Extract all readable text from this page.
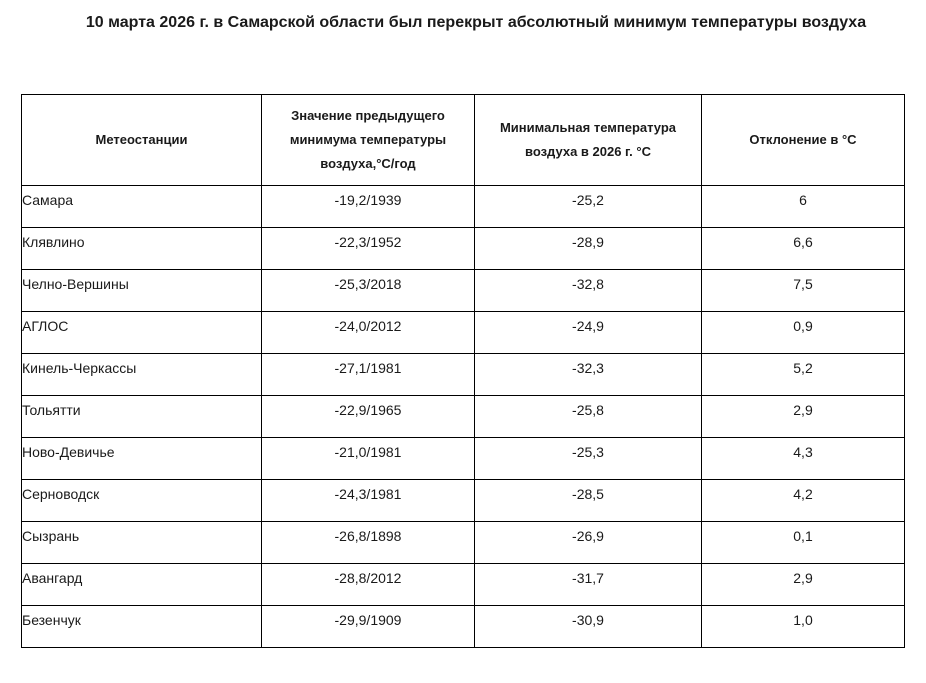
10 марта 2026 г. в Самарской области был перекрыт абсолютный минимум температуры воздуха
Метеостанции	Значение предыдущего минимума температуры воздуха,°С/год	Минимальная температура воздуха в 2026 г. °С	Отклонение в °С
Самара	-19,2/1939	-25,2	6
Клявлино	-22,3/1952	-28,9	6,6
Челно-Вершины	-25,3/2018	-32,8	7,5
АГЛОС	-24,0/2012	-24,9	0,9
Кинель-Черкассы	-27,1/1981	-32,3	5,2
Тольятти	-22,9/1965	-25,8	2,9
Ново-Девичье	-21,0/1981	-25,3	4,3
Серноводск	-24,3/1981	-28,5	4,2
Сызрань	-26,8/1898	-26,9	0,1
Авангард	-28,8/2012	-31,7	2,9
Безенчук	-29,9/1909	-30,9	1,0
